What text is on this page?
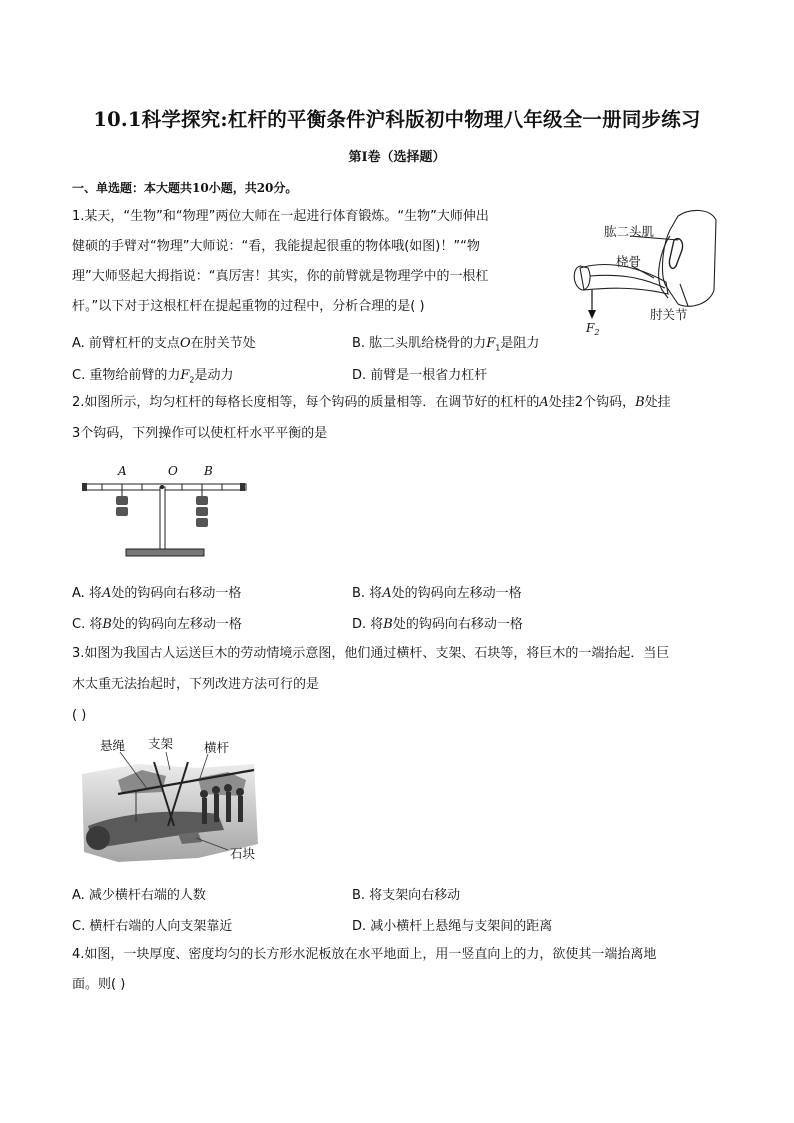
10.1科学探究:杠杆的平衡条件沪科版初中物理八年级全一册同步练习
第I卷（选择题）
一、单选题：本大题共10小题，共20分。
1.某天，“生物”和“物理”两位大师在一起进行体育锻炼。“生物”大师伸出
健硕的手臂对“物理”大师说：“看，我能提起很重的物体哦(如图)！”“物
理”大师竖起大拇指说：“真厉害！其实，你的前臂就是物理学中的一根杠
杆。”以下对于这根杠杆在提起重物的过程中，分析合理的是( )
肱二头肌
桡骨
肘关节
$F_2$
A. 前臂杠杆的支点O在肘关节处	B. 肱二头肌给桡骨的力$F_1$是阻力
C. 重物给前臂的力$F_2$是动力	D. 前臂是一根省力杠杆
2.如图所示，均匀杠杆的每格长度相等，每个钩码的质量相等．在调节好的杠杆的A处挂2个钩码，B处挂
3个钩码，下列操作可以使杠杆水平平衡的是
A	O B
A. 将A处的钩码向右移动一格	B. 将A处的钩码向左移动一格
C. 将B处的钩码向左移动一格	D. 将B处的钩码向右移动一格
3.如图为我国古人运送巨木的劳动情境示意图，他们通过横杆、支架、石块等，将巨木的一端抬起．当巨
木太重无法抬起时，下列改进方法可行的是
( )
悬绳 支架 横杆
石块
A. 减少横杆右端的人数	B. 将支架向右移动
C. 横杆右端的人向支架靠近	D. 减小横杆上悬绳与支架间的距离
4.如图，一块厚度、密度均匀的长方形水泥板放在水平地面上，用一竖直向上的力，欲使其一端抬离地
面。则( )
